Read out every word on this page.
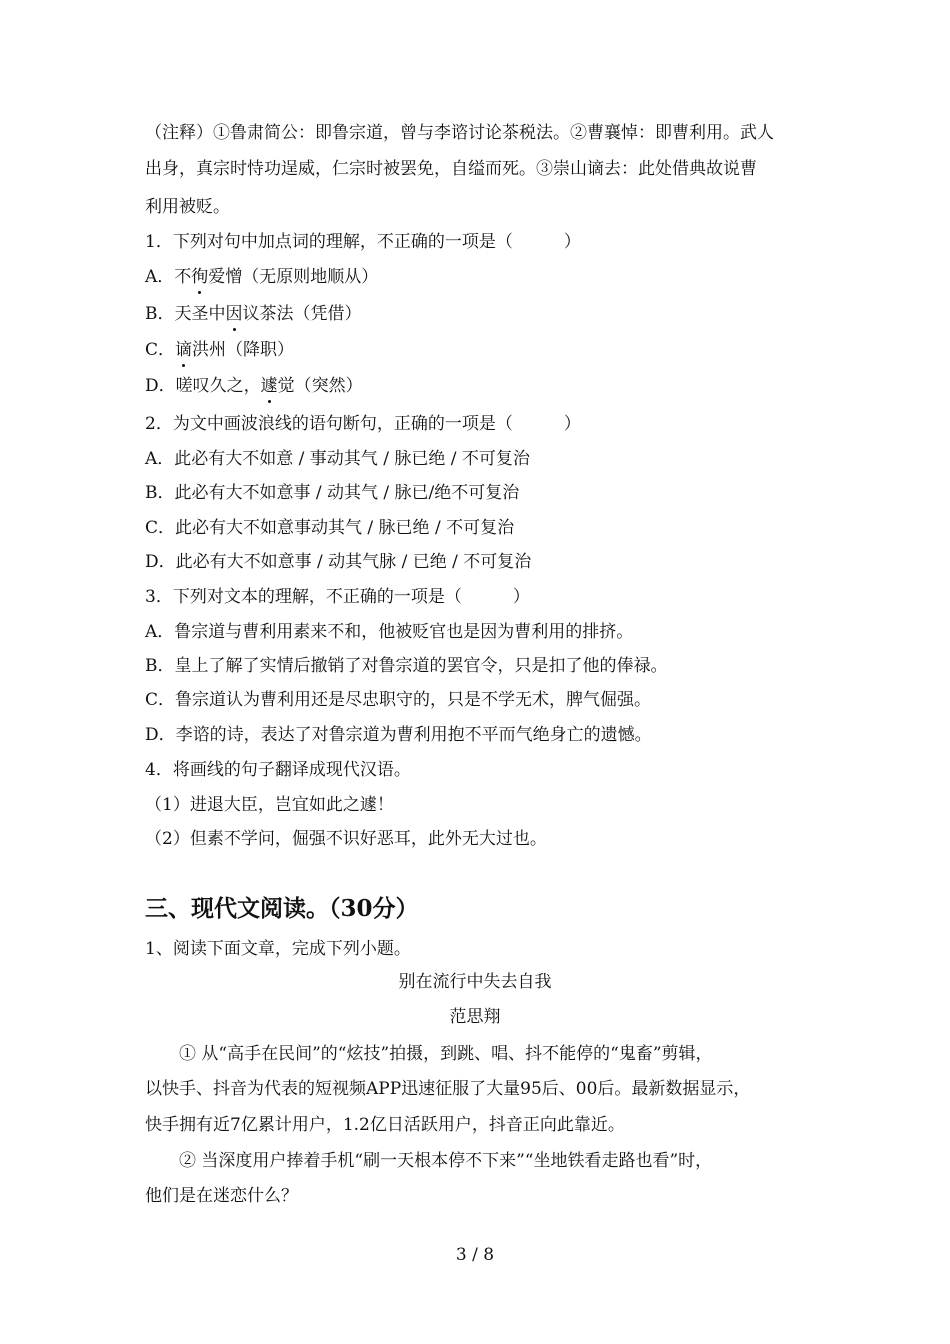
（注释）①鲁肃简公：即鲁宗道，曾与李谘讨论茶税法。②曹襄悼：即曹利用。武人
出身，真宗时恃功逞威，仁宗时被罢免，自缢而死。③崇山谪去：此处借典故说曹
利用被贬。
1．下列对句中加点词的理解，不正确的一项是（　　　）
A．不徇爱憎（无原则地顺从）
B．天圣中因议茶法（凭借）
C．谪洪州（降职）
D．嗟叹久之，遽觉（突然）
2．为文中画波浪线的语句断句，正确的一项是（　　　）
A．此必有大不如意 / 事动其气 / 脉已绝 / 不可复治
B．此必有大不如意事 / 动其气 / 脉已/绝不可复治
C．此必有大不如意事动其气 / 脉已绝 / 不可复治
D．此必有大不如意事 / 动其气脉 / 已绝 / 不可复治
3．下列对文本的理解，不正确的一项是（　　　）
A．鲁宗道与曹利用素来不和，他被贬官也是因为曹利用的排挤。
B．皇上了解了实情后撤销了对鲁宗道的罢官令，只是扣了他的俸禄。
C．鲁宗道认为曹利用还是尽忠职守的，只是不学无术，脾气倔强。
D．李谘的诗，表达了对鲁宗道为曹利用抱不平而气绝身亡的遗憾。
4．将画线的句子翻译成现代汉语。
（1）进退大臣，岂宜如此之遽！
（2）但素不学问，倔强不识好恶耳，此外无大过也。
三、现代文阅读。（30分）
1、阅读下面文章，完成下列小题。
别在流行中失去自我
范思翔
　　① 从“高手在民间”的“炫技”拍摄，到跳、唱、抖不能停的“鬼畜”剪辑，
以快手、抖音为代表的短视频APP迅速征服了大量95后、00后。最新数据显示，
快手拥有近7亿累计用户，1.2亿日活跃用户，抖音正向此靠近。
　　② 当深度用户捧着手机“刷一天根本停不下来”“坐地铁看走路也看”时，
他们是在迷恋什么？
3 / 8
